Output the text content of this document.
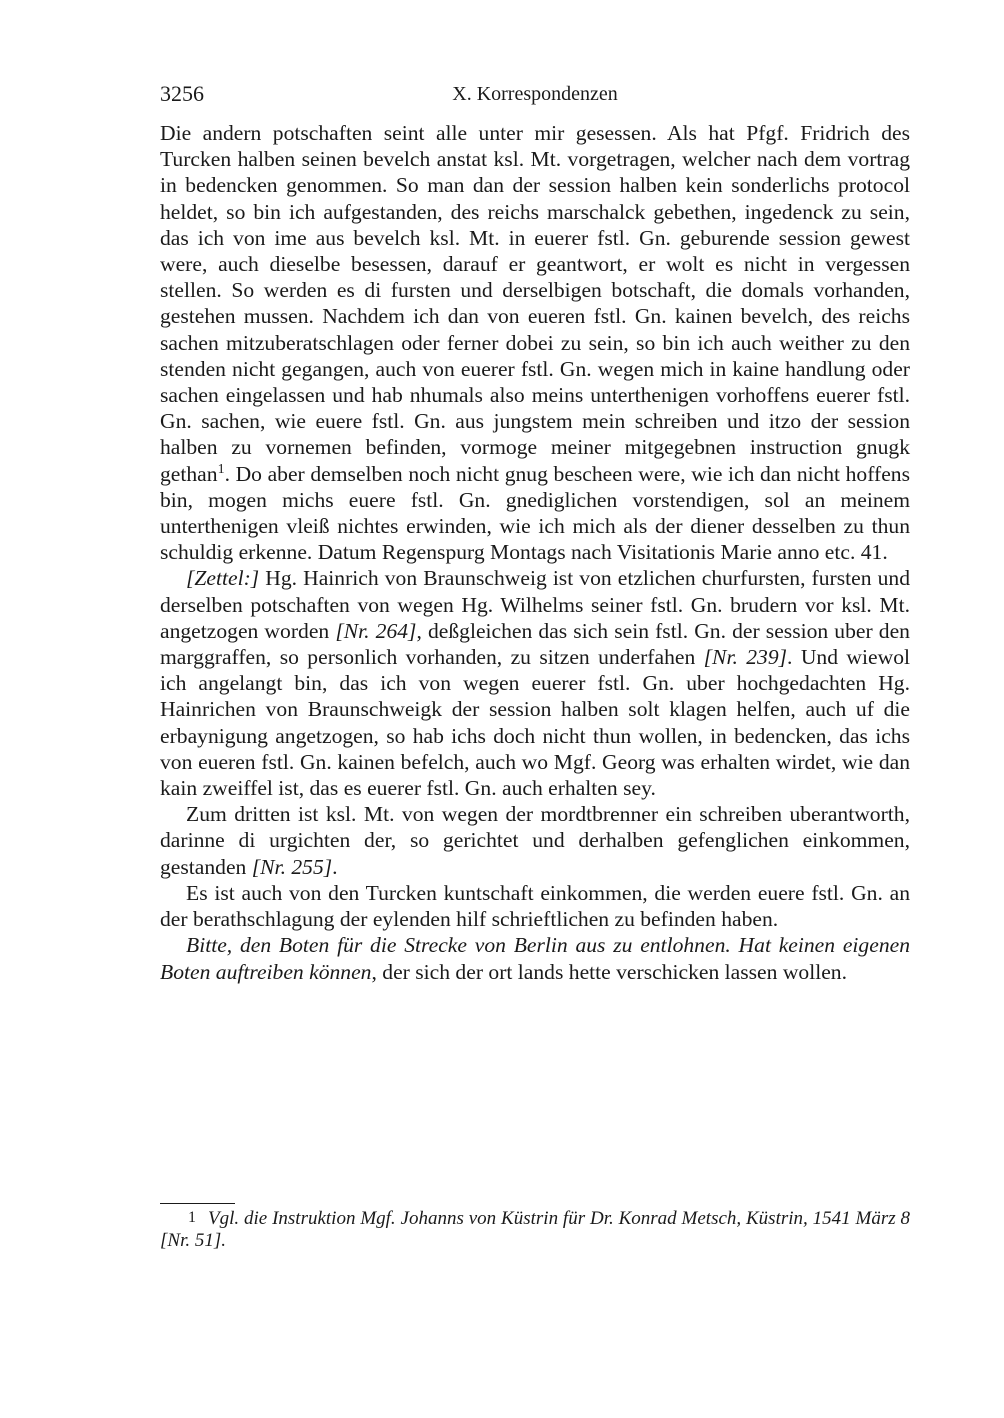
3256	X. Korrespondenzen

Die andern potschaften seint alle unter mir gesessen. Als hat Pfgf. Fridrich des Turcken halben seinen bevelch anstat ksl. Mt. vorgetragen, welcher nach dem vortrag in bedencken genommen. So man dan der session halben kein sonderlichs protocol heldet, so bin ich aufgestanden, des reichs marschalck gebethen, ingedenck zu sein, das ich von ime aus bevelch ksl. Mt. in euerer fstl. Gn. geburende session gewest were, auch dieselbe besessen, darauf er geantwort, er wolt es nicht in vergessen stellen. So werden es di fursten und derselbigen botschaft, die domals vorhanden, gestehen mussen. Nachdem ich dan von eueren fstl. Gn. kainen bevelch, des reichs sachen mitzuberatschlagen oder ferner dobei zu sein, so bin ich auch weither zu den stenden nicht gegangen, auch von euerer fstl. Gn. wegen mich in kaine handlung oder sachen eingelassen und hab nhumals also meins unterthenigen vorhoffens euerer fstl. Gn. sachen, wie euere fstl. Gn. aus jungstem mein schreiben und itzo der session halben zu vornemen befinden, vormoge meiner mitgegebnen instruction gnugk gethan$^1$. Do aber demselben noch nicht gnug bescheen were, wie ich dan nicht hoffens bin, mogen michs euere fstl. Gn. gnediglichen vorstendigen, sol an meinem unterthenigen vleiß nichtes erwinden, wie ich mich als der diener desselben zu thun schuldig erkenne. Datum Regenspurg Montags nach Visitationis Marie anno etc. 41.

[Zettel:] Hg. Hainrich von Braunschweig ist von etzlichen churfursten, fursten und derselben potschaften von wegen Hg. Wilhelms seiner fstl. Gn. brudern vor ksl. Mt. angetzogen worden [Nr. 264], deßgleichen das sich sein fstl. Gn. der session uber den marggraffen, so personlich vorhanden, zu sitzen underfahen [Nr. 239]. Und wiewol ich angelangt bin, das ich von wegen euerer fstl. Gn. uber hochgedachten Hg. Hainrichen von Braunschweigk der session halben solt klagen helfen, auch uf die erbaynigung angetzogen, so hab ichs doch nicht thun wollen, in bedencken, das ichs von eueren fstl. Gn. kainen befelch, auch wo Mgf. Georg was erhalten wirdet, wie dan kain zweiffel ist, das es euerer fstl. Gn. auch erhalten sey.

Zum dritten ist ksl. Mt. von wegen der mordtbrenner ein schreiben uberantworth, darinne di urgichten der, so gerichtet und derhalben gefenglichen einkommen, gestanden [Nr. 255].

Es ist auch von den Turcken kuntschaft einkommen, die werden euere fstl. Gn. an der berathschlagung der eylenden hilf schrieftlichen zu befinden haben.

Bitte, den Boten für die Strecke von Berlin aus zu entlohnen. Hat keinen eigenen Boten auftreiben können, der sich der ort lands hette verschicken lassen wollen.

1 Vgl. die Instruktion Mgf. Johanns von Küstrin für Dr. Konrad Metsch, Küstrin, 1541 März 8 [Nr. 51].
